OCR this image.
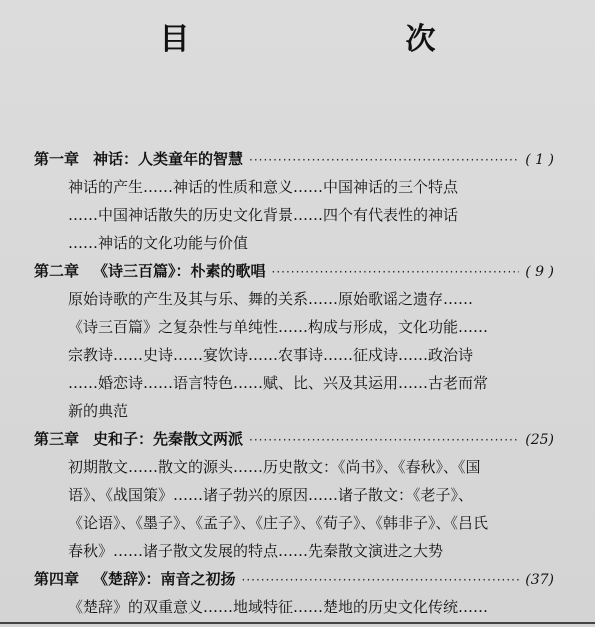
目　　次
第一章 神话：人类童年的智慧 ·····	( 1 )
神话的产生……神话的性质和意义……中国神话的三个特点
……中国神话散失的历史文化背景……四个有代表性的神话
……神话的文化功能与价值
第二章 《诗三百篇》：朴素的歌唱 ·····	( 9 )
原始诗歌的产生及其与乐、舞的关系……原始歌谣之遗存……
《诗三百篇》之复杂性与单纯性……构成与形成，文化功能……
宗教诗……史诗……宴饮诗……农事诗……征戍诗……政治诗
……婚恋诗……语言特色……赋、比、兴及其运用……古老而常
新的典范
第三章 史和子：先秦散文两派 ·····	(25)
初期散文……散文的源头……历史散文：《尚书》、《春秋》、《国
语》、《战国策》……诸子勃兴的原因……诸子散文：《老子》、
《论语》、《墨子》、《孟子》、《庄子》、《荀子》、《韩非子》、《吕氏
春秋》……诸子散文发展的特点……先秦散文演进之大势
第四章 《楚辞》：南音之初扬 ·····	(37)
《楚辞》的双重意义……地域特征……楚地的历史文化传统……
